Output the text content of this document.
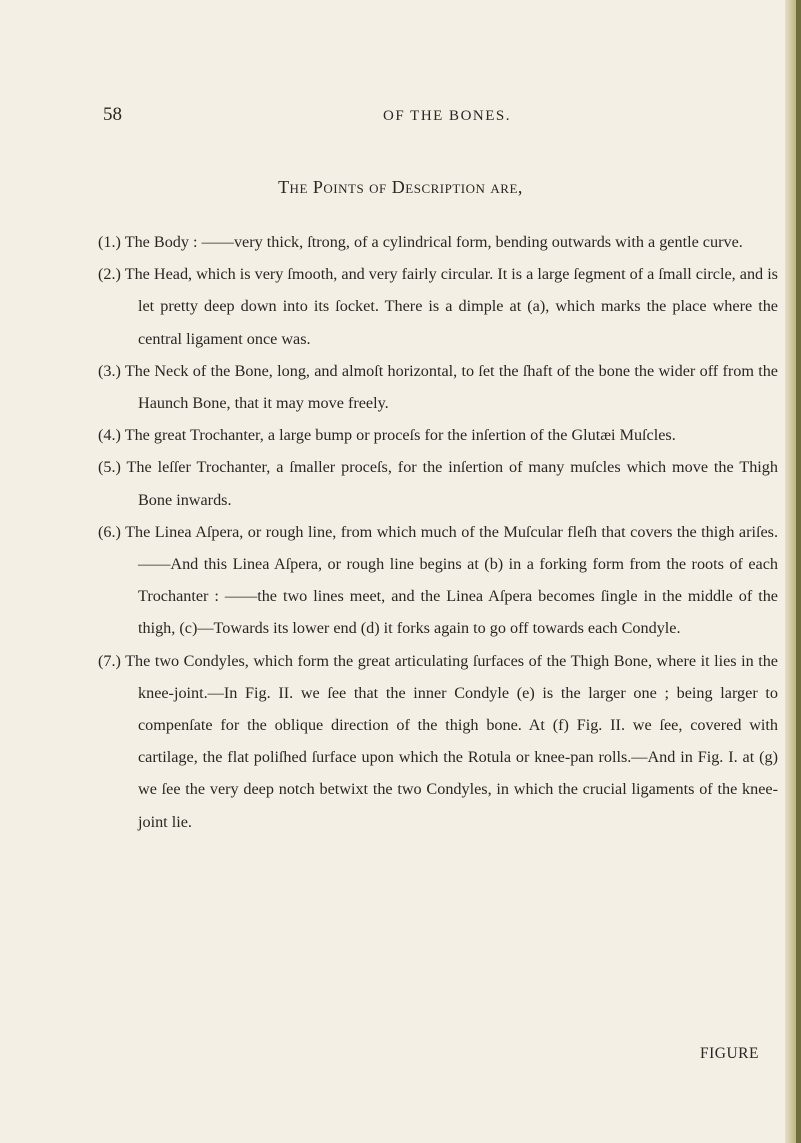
58	OF THE BONES.
The Points of Description are,

(1.) The Body : ——very thick, ſtrong, of a cylindrical form, bending outwards with a gentle curve.

(2.) The Head, which is very ſmooth, and very fairly circular. It is a large ſegment of a ſmall circle, and is let pretty deep down into its ſocket. There is a dimple at (a), which marks the place where the central ligament once was.

(3.) The Neck of the Bone, long, and almoſt horizontal, to ſet the ſhaft of the bone the wider off from the Haunch Bone, that it may move freely.

(4.) The great Trochanter, a large bump or proceſs for the inſertion of the Glutæi Muſcles.

(5.) The leſſer Trochanter, a ſmaller proceſs, for the inſertion of many muſcles which move the Thigh Bone inwards.

(6.) The Linea Aſpera, or rough line, from which much of the Muſcular fleſh that covers the thigh ariſes.——And this Linea Aſpera, or rough line begins at (b) in a forking form from the roots of each Trochanter : ——the two lines meet, and the Linea Aſpera becomes ſingle in the middle of the thigh, (c)—Towards its lower end (d) it forks again to go off towards each Condyle.

(7.) The two Condyles, which form the great articulating ſurfaces of the Thigh Bone, where it lies in the knee-joint.—In Fig. II. we ſee that the inner Condyle (e) is the larger one ; being larger to compenſate for the oblique direction of the thigh bone. At (f) Fig. II. we ſee, covered with cartilage, the flat poliſhed ſurface upon which the Rotula or knee-pan rolls.—And in Fig. I. at (g) we ſee the very deep notch betwixt the two Condyles, in which the crucial ligaments of the knee-joint lie.

FIGURE
